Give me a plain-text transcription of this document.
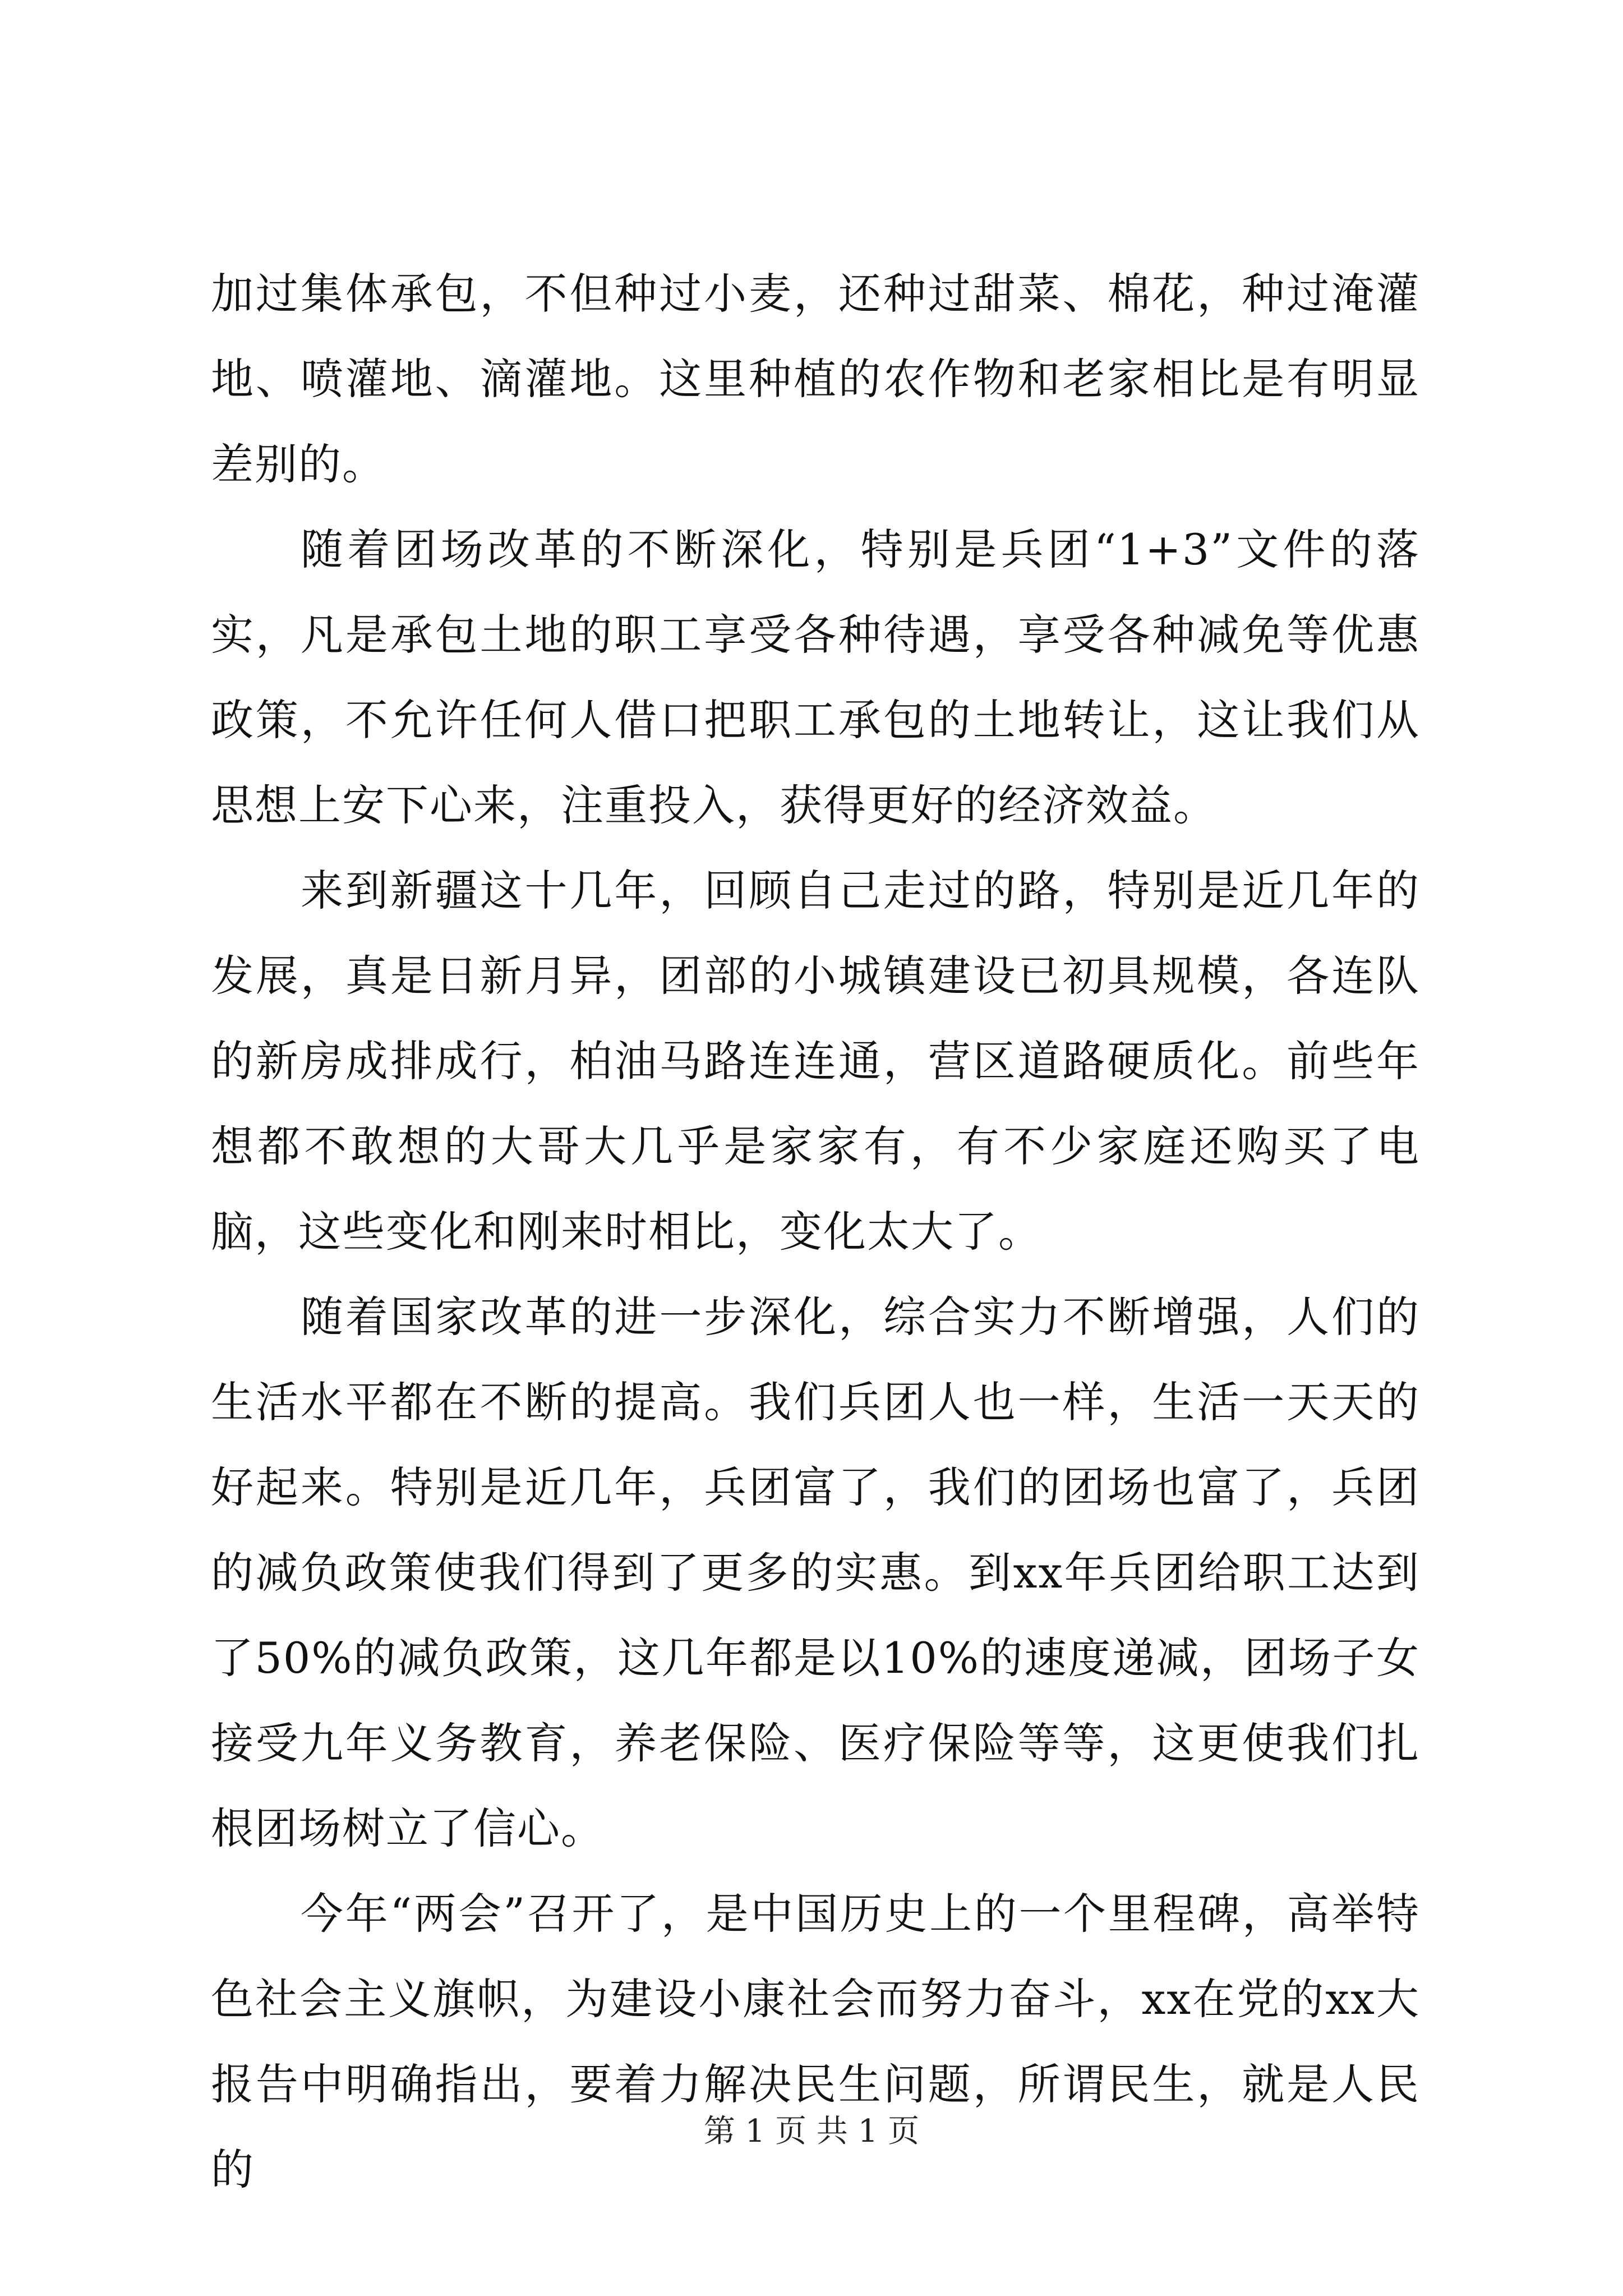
加过集体承包，不但种过小麦，还种过甜菜、棉花，种过淹灌地、喷灌地、滴灌地。这里种植的农作物和老家相比是有明显差别的。

随着团场改革的不断深化，特别是兵团“1+3”文件的落实，凡是承包土地的职工享受各种待遇，享受各种减免等优惠政策，不允许任何人借口把职工承包的土地转让，这让我们从思想上安下心来，注重投入，获得更好的经济效益。

来到新疆这十几年，回顾自己走过的路，特别是近几年的发展，真是日新月异，团部的小城镇建设已初具规模，各连队的新房成排成行，柏油马路连连通，营区道路硬质化。前些年想都不敢想的大哥大几乎是家家有，有不少家庭还购买了电脑，这些变化和刚来时相比，变化太大了。

随着国家改革的进一步深化，综合实力不断增强，人们的生活水平都在不断的提高。我们兵团人也一样，生活一天天的好起来。特别是近几年，兵团富了，我们的团场也富了，兵团的减负政策使我们得到了更多的实惠。到xx年兵团给职工达到了50%的减负政策，这几年都是以10%的速度递减，团场子女接受九年义务教育，养老保险、医疗保险等等，这更使我们扎根团场树立了信心。

今年“两会”召开了，是中国历史上的一个里程碑，高举特色社会主义旗帜，为建设小康社会而努力奋斗，xx在党的xx大报告中明确指出，要着力解决民生问题，所谓民生，就是人民的

第 1 页 共 1 页
